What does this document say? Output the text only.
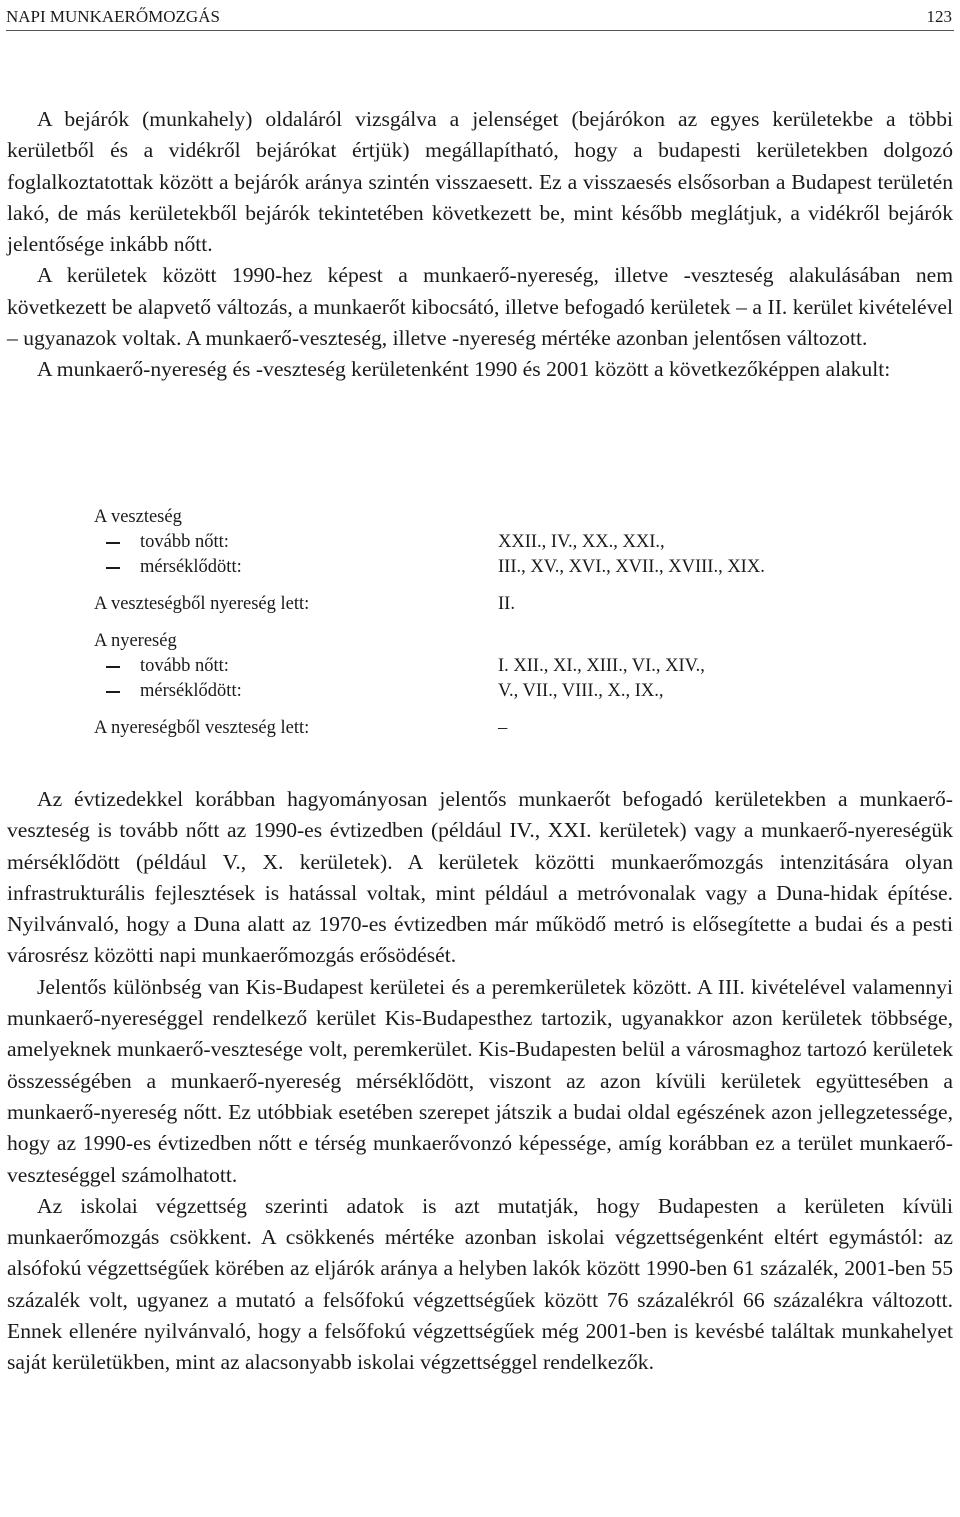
NAPI MUNKAERŐMOZGÁS	123

A bejárók (munkahely) oldaláról vizsgálva a jelenséget (bejárókon az egyes kerületekbe a többi kerületből és a vidékről bejárókat értjük) megállapítható, hogy a budapesti kerületekben dolgozó foglalkoztatottak között a bejárók aránya szintén visszaesett. Ez a visszaesés elsősorban a Budapest területén lakó, de más kerületekből bejárók tekintetében következett be, mint később meglátjuk, a vidékről bejárók jelentősége inkább nőtt.

A kerületek között 1990-hez képest a munkaerő-nyereség, illetve -veszteség alakulásában nem következett be alapvető változás, a munkaerőt kibocsátó, illetve befogadó kerületek – a II. kerület kivételével – ugyanazok voltak. A munkaerő-veszteség, illetve -nyereség mértéke azonban jelentősen változott.

A munkaerő-nyereség és -veszteség kerületenként 1990 és 2001 között a következőképpen alakult:

A veszteség
tovább nőtt:	XXII., IV., XX., XXI.,
mérséklődött:	III., XV., XVI., XVII., XVIII., XIX.
A veszteségből nyereség lett:	II.
A nyereség
tovább nőtt:	I. XII., XI., XIII., VI., XIV.,
mérséklődött:	V., VII., VIII., X., IX.,
A nyereségből veszteség lett:	–

Az évtizedekkel korábban hagyományosan jelentős munkaerőt befogadó kerületekben a munkaerő-veszteség is tovább nőtt az 1990-es évtizedben (például IV., XXI. kerületek) vagy a munkaerő-nyereségük mérséklődött (például V., X. kerületek). A kerületek közötti munkaerőmozgás intenzitására olyan infrastrukturális fejlesztések is hatással voltak, mint például a metróvonalak vagy a Duna-hidak építése. Nyilvánvaló, hogy a Duna alatt az 1970-es évtizedben már működő metró is elősegítette a budai és a pesti városrész közötti napi munkaerőmozgás erősödését.

Jelentős különbség van Kis-Budapest kerületei és a peremkerületek között. A III. kivételével valamennyi munkaerő-nyereséggel rendelkező kerület Kis-Budapesthez tartozik, ugyanakkor azon kerületek többsége, amelyeknek munkaerő-vesztesége volt, peremkerület. Kis-Budapesten belül a városmaghoz tartozó kerületek összességében a munkaerő-nyereség mérséklődött, viszont az azon kívüli kerületek együttesében a munkaerő-nyereség nőtt. Ez utóbbiak esetében szerepet játszik a budai oldal egészének azon jellegzetessége, hogy az 1990-es évtizedben nőtt e térség munkaerővonzó képessége, amíg korábban ez a terület munkaerő-veszteséggel számolhatott.

Az iskolai végzettség szerinti adatok is azt mutatják, hogy Budapesten a kerületen kívüli munkaerőmozgás csökkent. A csökkenés mértéke azonban iskolai végzettségenként eltért egymástól: az alsófokú végzettségűek körében az eljárók aránya a helyben lakók között 1990-ben 61 százalék, 2001-ben 55 százalék volt, ugyanez a mutató a felsőfokú végzettségűek között 76 százalékról 66 százalékra változott. Ennek ellenére nyilvánvaló, hogy a felsőfokú végzettségűek még 2001-ben is kevésbé találtak munkahelyet saját kerületükben, mint az alacsonyabb iskolai végzettséggel rendelkezők.
